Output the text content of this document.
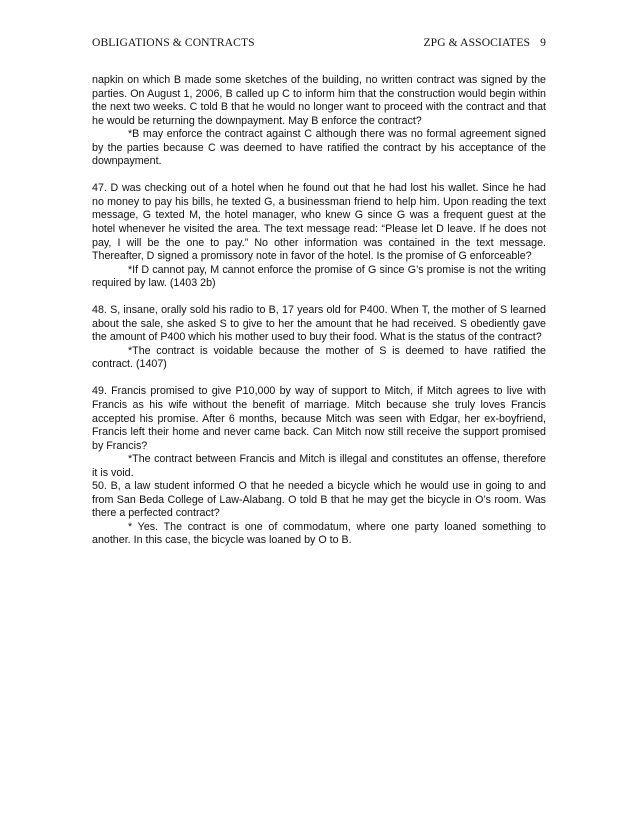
OBLIGATIONS & CONTRACTS	ZPG & ASSOCIATES 9

napkin on which B made some sketches of the building, no written contract was signed by the parties. On August 1, 2006, B called up C to inform him that the construction would begin within the next two weeks. C told B that he would no longer want to proceed with the contract and that he would be returning the downpayment. May B enforce the contract?

*B may enforce the contract against C although there was no formal agreement signed by the parties because C was deemed to have ratified the contract by his acceptance of the downpayment.

47. D was checking out of a hotel when he found out that he had lost his wallet. Since he had no money to pay his bills, he texted G, a businessman friend to help him. Upon reading the text message, G texted M, the hotel manager, who knew G since G was a frequent guest at the hotel whenever he visited the area. The text message read: “Please let D leave. If he does not pay, I will be the one to pay.” No other information was contained in the text message. Thereafter, D signed a promissory note in favor of the hotel. Is the promise of G enforceable?

*If D cannot pay, M cannot enforce the promise of G since G’s promise is not the writing required by law. (1403 2b)

48. S, insane, orally sold his radio to B, 17 years old for P400. When T, the mother of S learned about the sale, she asked S to give to her the amount that he had received. S obediently gave the amount of P400 which his mother used to buy their food. What is the status of the contract?

*The contract is voidable because the mother of S is deemed to have ratified the contract. (1407)

49. Francis promised to give P10,000 by way of support to Mitch, if Mitch agrees to live with Francis as his wife without the benefit of marriage. Mitch because she truly loves Francis accepted his promise. After 6 months, because Mitch was seen with Edgar, her ex-boyfriend, Francis left their home and never came back. Can Mitch now still receive the support promised by Francis?

*The contract between Francis and Mitch is illegal and constitutes an offense, therefore it is void.

50. B, a law student informed O that he needed a bicycle which he would use in going to and from San Beda College of Law-Alabang. O told B that he may get the bicycle in O’s room. Was there a perfected contract?

* Yes. The contract is one of commodatum, where one party loaned something to another. In this case, the bicycle was loaned by O to B.
